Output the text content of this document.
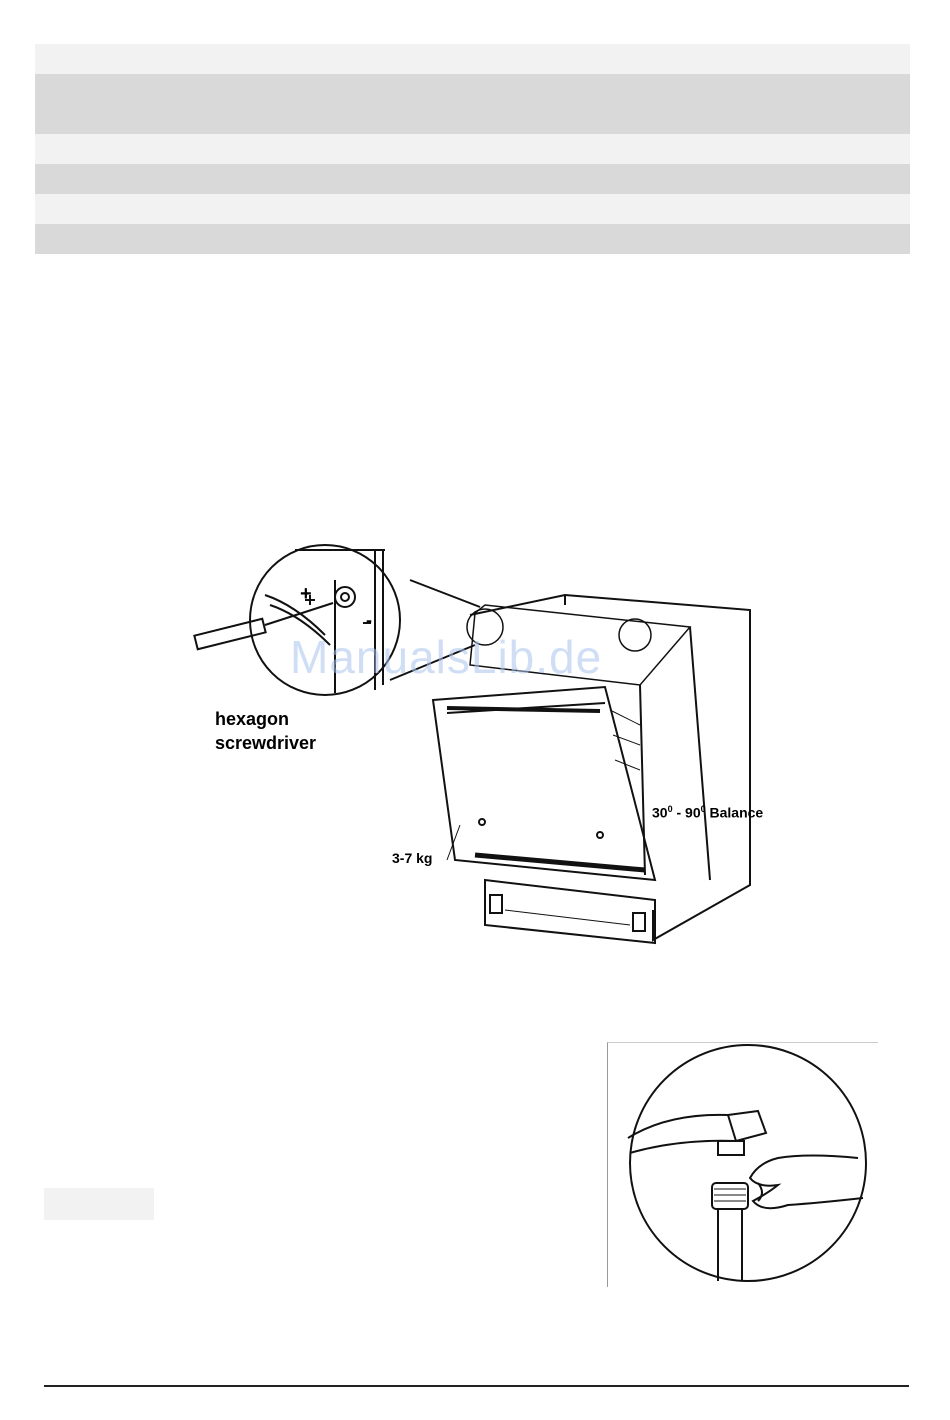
ManualsLib.de
hexagon
screwdriver
3-7 kg
$30^0 - 90^0$ Balance
+
-
